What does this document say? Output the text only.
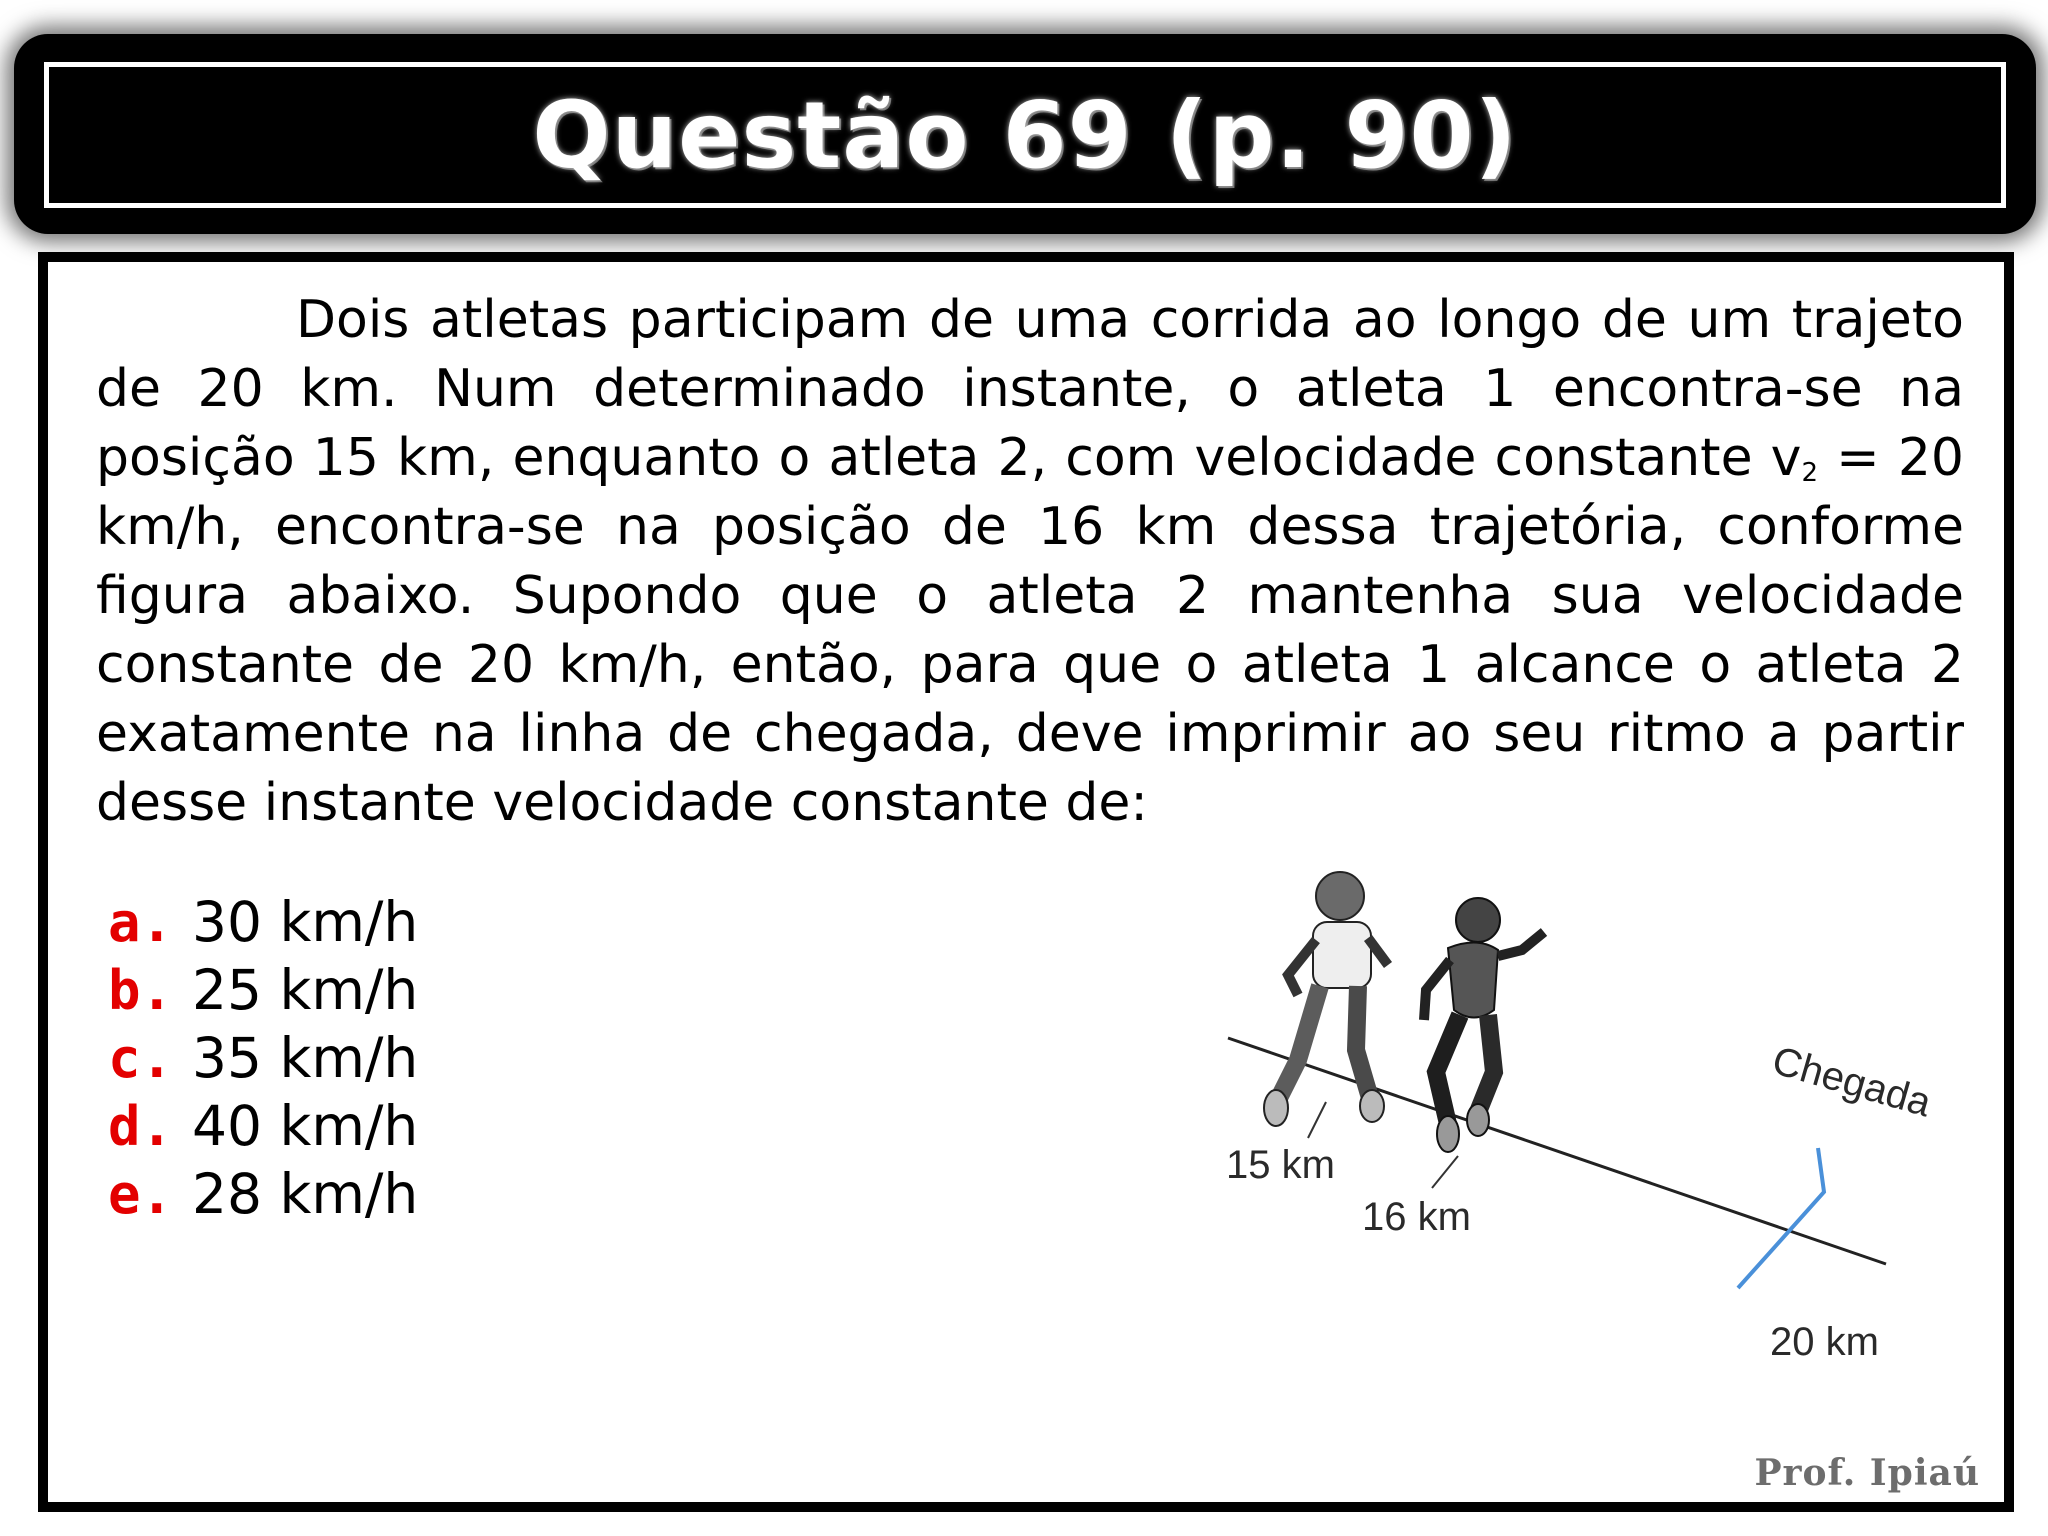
Questão 69 (p. 90)
Dois atletas participam de uma corrida ao longo de um trajeto de 20 km. Num determinado instante, o atleta 1 encontra-se na posição 15 km, enquanto o atleta 2, com velocidade constante $v_2 = 20$ km/h, encontra-se na posição de 16 km dessa trajetória, conforme figura abaixo. Supondo que o atleta 2 mantenha sua velocidade constante de 20 km/h, então, para que o atleta 1 alcance o atleta 2 exatamente na linha de chegada, deve imprimir ao seu ritmo a partir desse instante velocidade constante de:
a. 30 km/h
b. 25 km/h
c. 35 km/h
d. 40 km/h
e. 28 km/h	15 km
16 km
20 km
Chegada
Prof. Ipiaú
